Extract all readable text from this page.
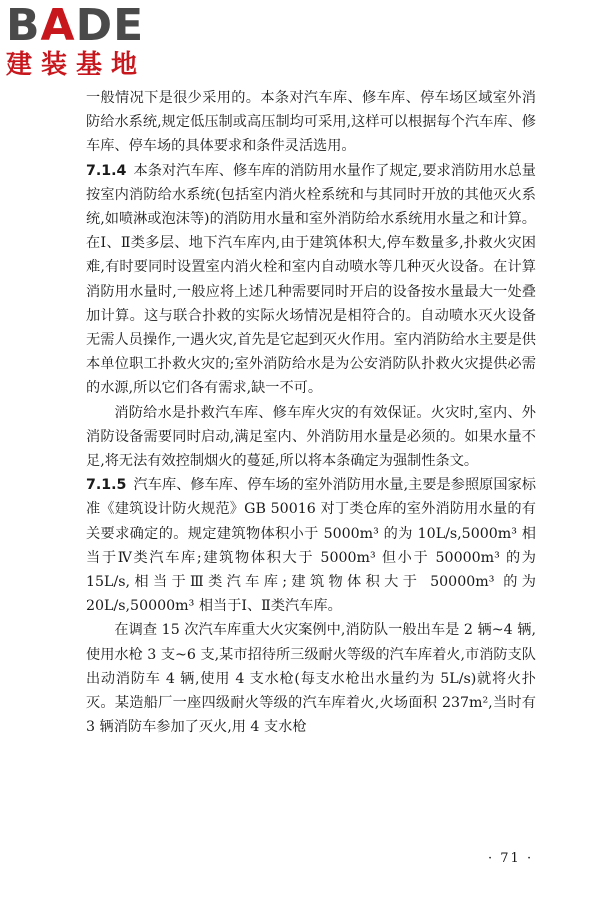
BADE
建装基地

一般情况下是很少采用的。本条对汽车库、修车库、停车场区域室外消防给水系统,规定低压制或高压制均可采用,这样可以根据每个汽车库、修车库、停车场的具体要求和条件灵活选用。

7.1.4 本条对汽车库、修车库的消防用水量作了规定,要求消防用水总量按室内消防给水系统(包括室内消火栓系统和与其同时开放的其他灭火系统,如喷淋或泡沫等)的消防用水量和室外消防给水系统用水量之和计算。在Ⅰ、Ⅱ类多层、地下汽车库内,由于建筑体积大,停车数量多,扑救火灾困难,有时要同时设置室内消火栓和室内自动喷水等几种灭火设备。在计算消防用水量时,一般应将上述几种需要同时开启的设备按水量最大一处叠加计算。这与联合扑救的实际火场情况是相符合的。自动喷水灭火设备无需人员操作,一遇火灾,首先是它起到灭火作用。室内消防给水主要是供本单位职工扑救火灾的;室外消防给水是为公安消防队扑救火灾提供必需的水源,所以它们各有需求,缺一不可。

消防给水是扑救汽车库、修车库火灾的有效保证。火灾时,室内、外消防设备需要同时启动,满足室内、外消防用水量是必须的。如果水量不足,将无法有效控制烟火的蔓延,所以将本条确定为强制性条文。

7.1.5 汽车库、修车库、停车场的室外消防用水量,主要是参照原国家标准《建筑设计防火规范》GB 50016 对丁类仓库的室外消防用水量的有关要求确定的。规定建筑物体积小于 5000m³ 的为 10L/s,5000m³ 相当于Ⅳ类汽车库;建筑物体积大于 5000m³ 但小于 50000m³ 的为 15L/s,相当于Ⅲ类汽车库;建筑物体积大于 50000m³ 的为 20L/s,50000m³ 相当于Ⅰ、Ⅱ类汽车库。

在调查 15 次汽车库重大火灾案例中,消防队一般出车是 2 辆~4 辆,使用水枪 3 支~6 支,某市招待所三级耐火等级的汽车库着火,市消防支队出动消防车 4 辆,使用 4 支水枪(每支水枪出水量约为 5L/s)就将火扑灭。某造船厂一座四级耐火等级的汽车库着火,火场面积 237m²,当时有 3 辆消防车参加了灭火,用 4 支水枪

· 71 ·
